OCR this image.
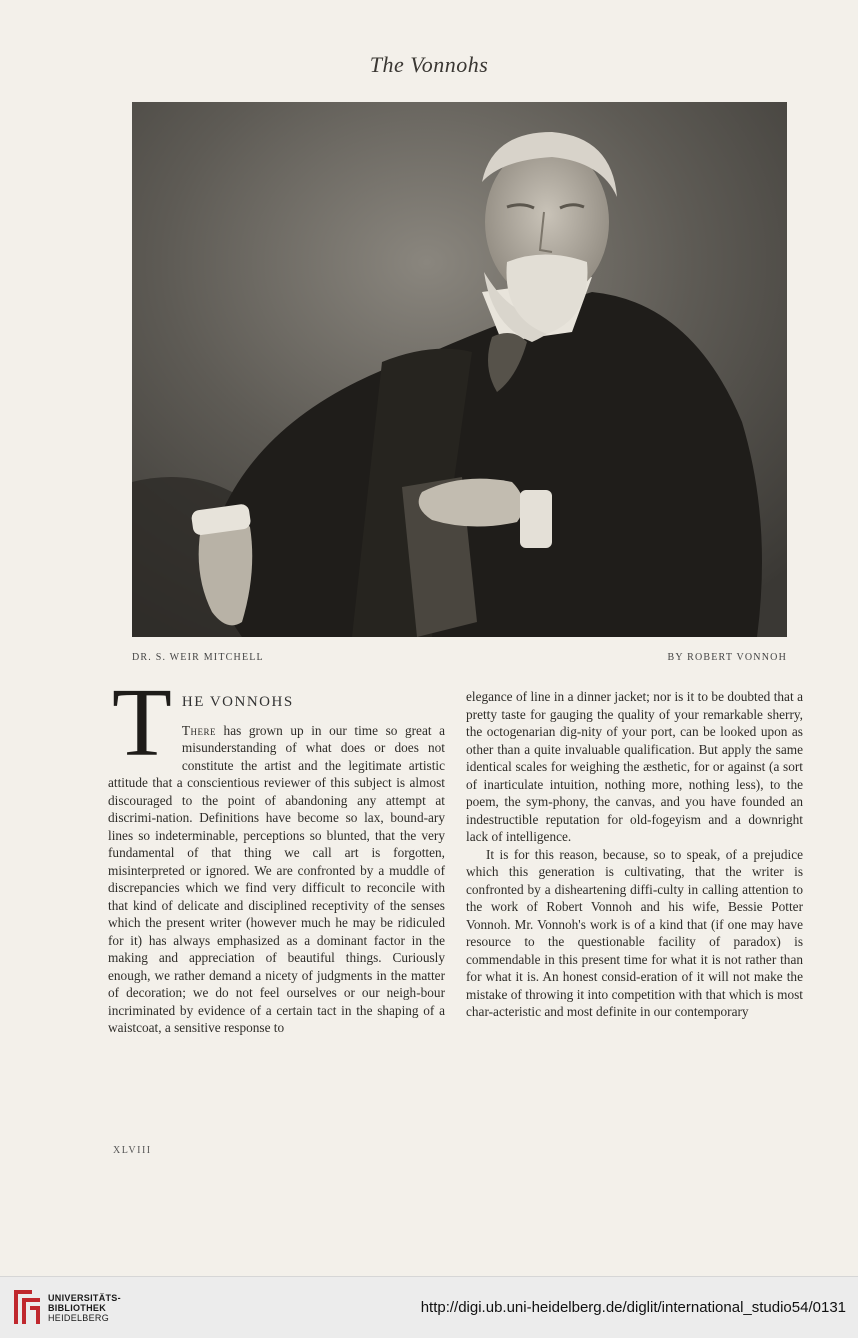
The Vonnohs
DR. S. WEIR MITCHELL	BY ROBERT VONNOH
T HE VONNOHS

There has grown up in our time so great a misunderstanding of what does or does not constitute the artist and the legitimate artistic attitude that a conscientious reviewer of this subject is almost discouraged to the point of abandoning any attempt at discrimi-nation. Definitions have become so lax, bound-ary lines so indeterminable, perceptions so blunted, that the very fundamental of that thing we call art is forgotten, misinterpreted or ignored. We are confronted by a muddle of discrepancies which we find very difficult to reconcile with that kind of delicate and disciplined receptivity of the senses which the present writer (however much he may be ridiculed for it) has always emphasized as a dominant factor in the making and appreciation of beautiful things. Curiously enough, we rather demand a nicety of judgments in the matter of decoration; we do not feel ourselves or our neigh-bour incriminated by evidence of a certain tact in the shaping of a waistcoat, a sensitive response to

elegance of line in a dinner jacket; nor is it to be doubted that a pretty taste for gauging the quality of your remarkable sherry, the octogenarian dig-nity of your port, can be looked upon as other than a quite invaluable qualification. But apply the same identical scales for weighing the æsthetic, for or against (a sort of inarticulate intuition, nothing more, nothing less), to the poem, the sym-phony, the canvas, and you have founded an indestructible reputation for old-fogeyism and a downright lack of intelligence.

It is for this reason, because, so to speak, of a prejudice which this generation is cultivating, that the writer is confronted by a disheartening diffi-culty in calling attention to the work of Robert Vonnoh and his wife, Bessie Potter Vonnoh. Mr. Vonnoh's work is of a kind that (if one may have resource to the questionable facility of paradox) is commendable in this present time for what it is not rather than for what it is. An honest consid-eration of it will not make the mistake of throwing it into competition with that which is most char-acteristic and most definite in our contemporary

XLVIII
UNIVERSITÄTS-
BIBLIOTHEK
HEIDELBERG
http://digi.ub.uni-heidelberg.de/diglit/international_studio54/0131
